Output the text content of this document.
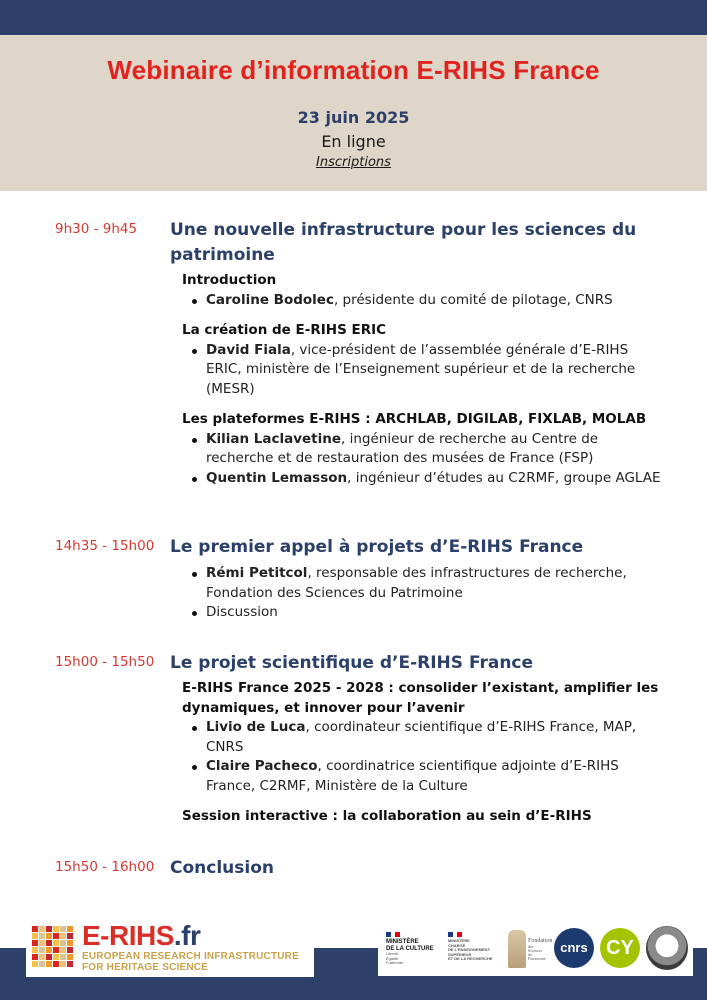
Webinaire d’information E-RIHS France
23 juin 2025
En ligne
Inscriptions
9h30 - 9h45 Une nouvelle infrastructure pour les sciences du patrimoine
Introduction
Caroline Bodolec, présidente du comité de pilotage, CNRS
La création de E-RIHS ERIC
David Fiala, vice-président de l’assemblée générale d’E-RIHS ERIC, ministère de l’Enseignement supérieur et de la recherche (MESR)
Les plateformes E-RIHS : ARCHLAB, DIGILAB, FIXLAB, MOLAB
Kilian Laclavetine, ingénieur de recherche au Centre de recherche et de restauration des musées de France (FSP)
Quentin Lemasson, ingénieur d’études au C2RMF, groupe AGLAE
14h35 - 15h00 Le premier appel à projets d’E-RIHS France
Rémi Petitcol, responsable des infrastructures de recherche, Fondation des Sciences du Patrimoine
Discussion
15h00 - 15h50 Le projet scientifique d’E-RIHS France
E-RIHS France 2025 - 2028 : consolider l’existant, amplifier les dynamiques, et innover pour l’avenir
Livio de Luca, coordinateur scientifique d’E-RIHS France, MAP, CNRS
Claire Pacheco, coordinatrice scientifique adjointe d’E-RIHS France, C2RMF, Ministère de la Culture
Session interactive : la collaboration au sein d’E-RIHS
15h50 - 16h00 Conclusion
E-RIHS.fr
EUROPEAN RESEARCH INFRASTRUCTURE
FOR HERITAGE SCIENCE
MINISTÈRE
DE LA CULTURE
Liberté
Égalité
Fraternité
MINISTÈRE
CHARGÉ
DE L’ENSEIGNEMENT
SUPÉRIEUR
ET DE LA RECHERCHE
Fondation
des
Sciences
du
Patrimoine
cnrs CY	MUSÉUM
